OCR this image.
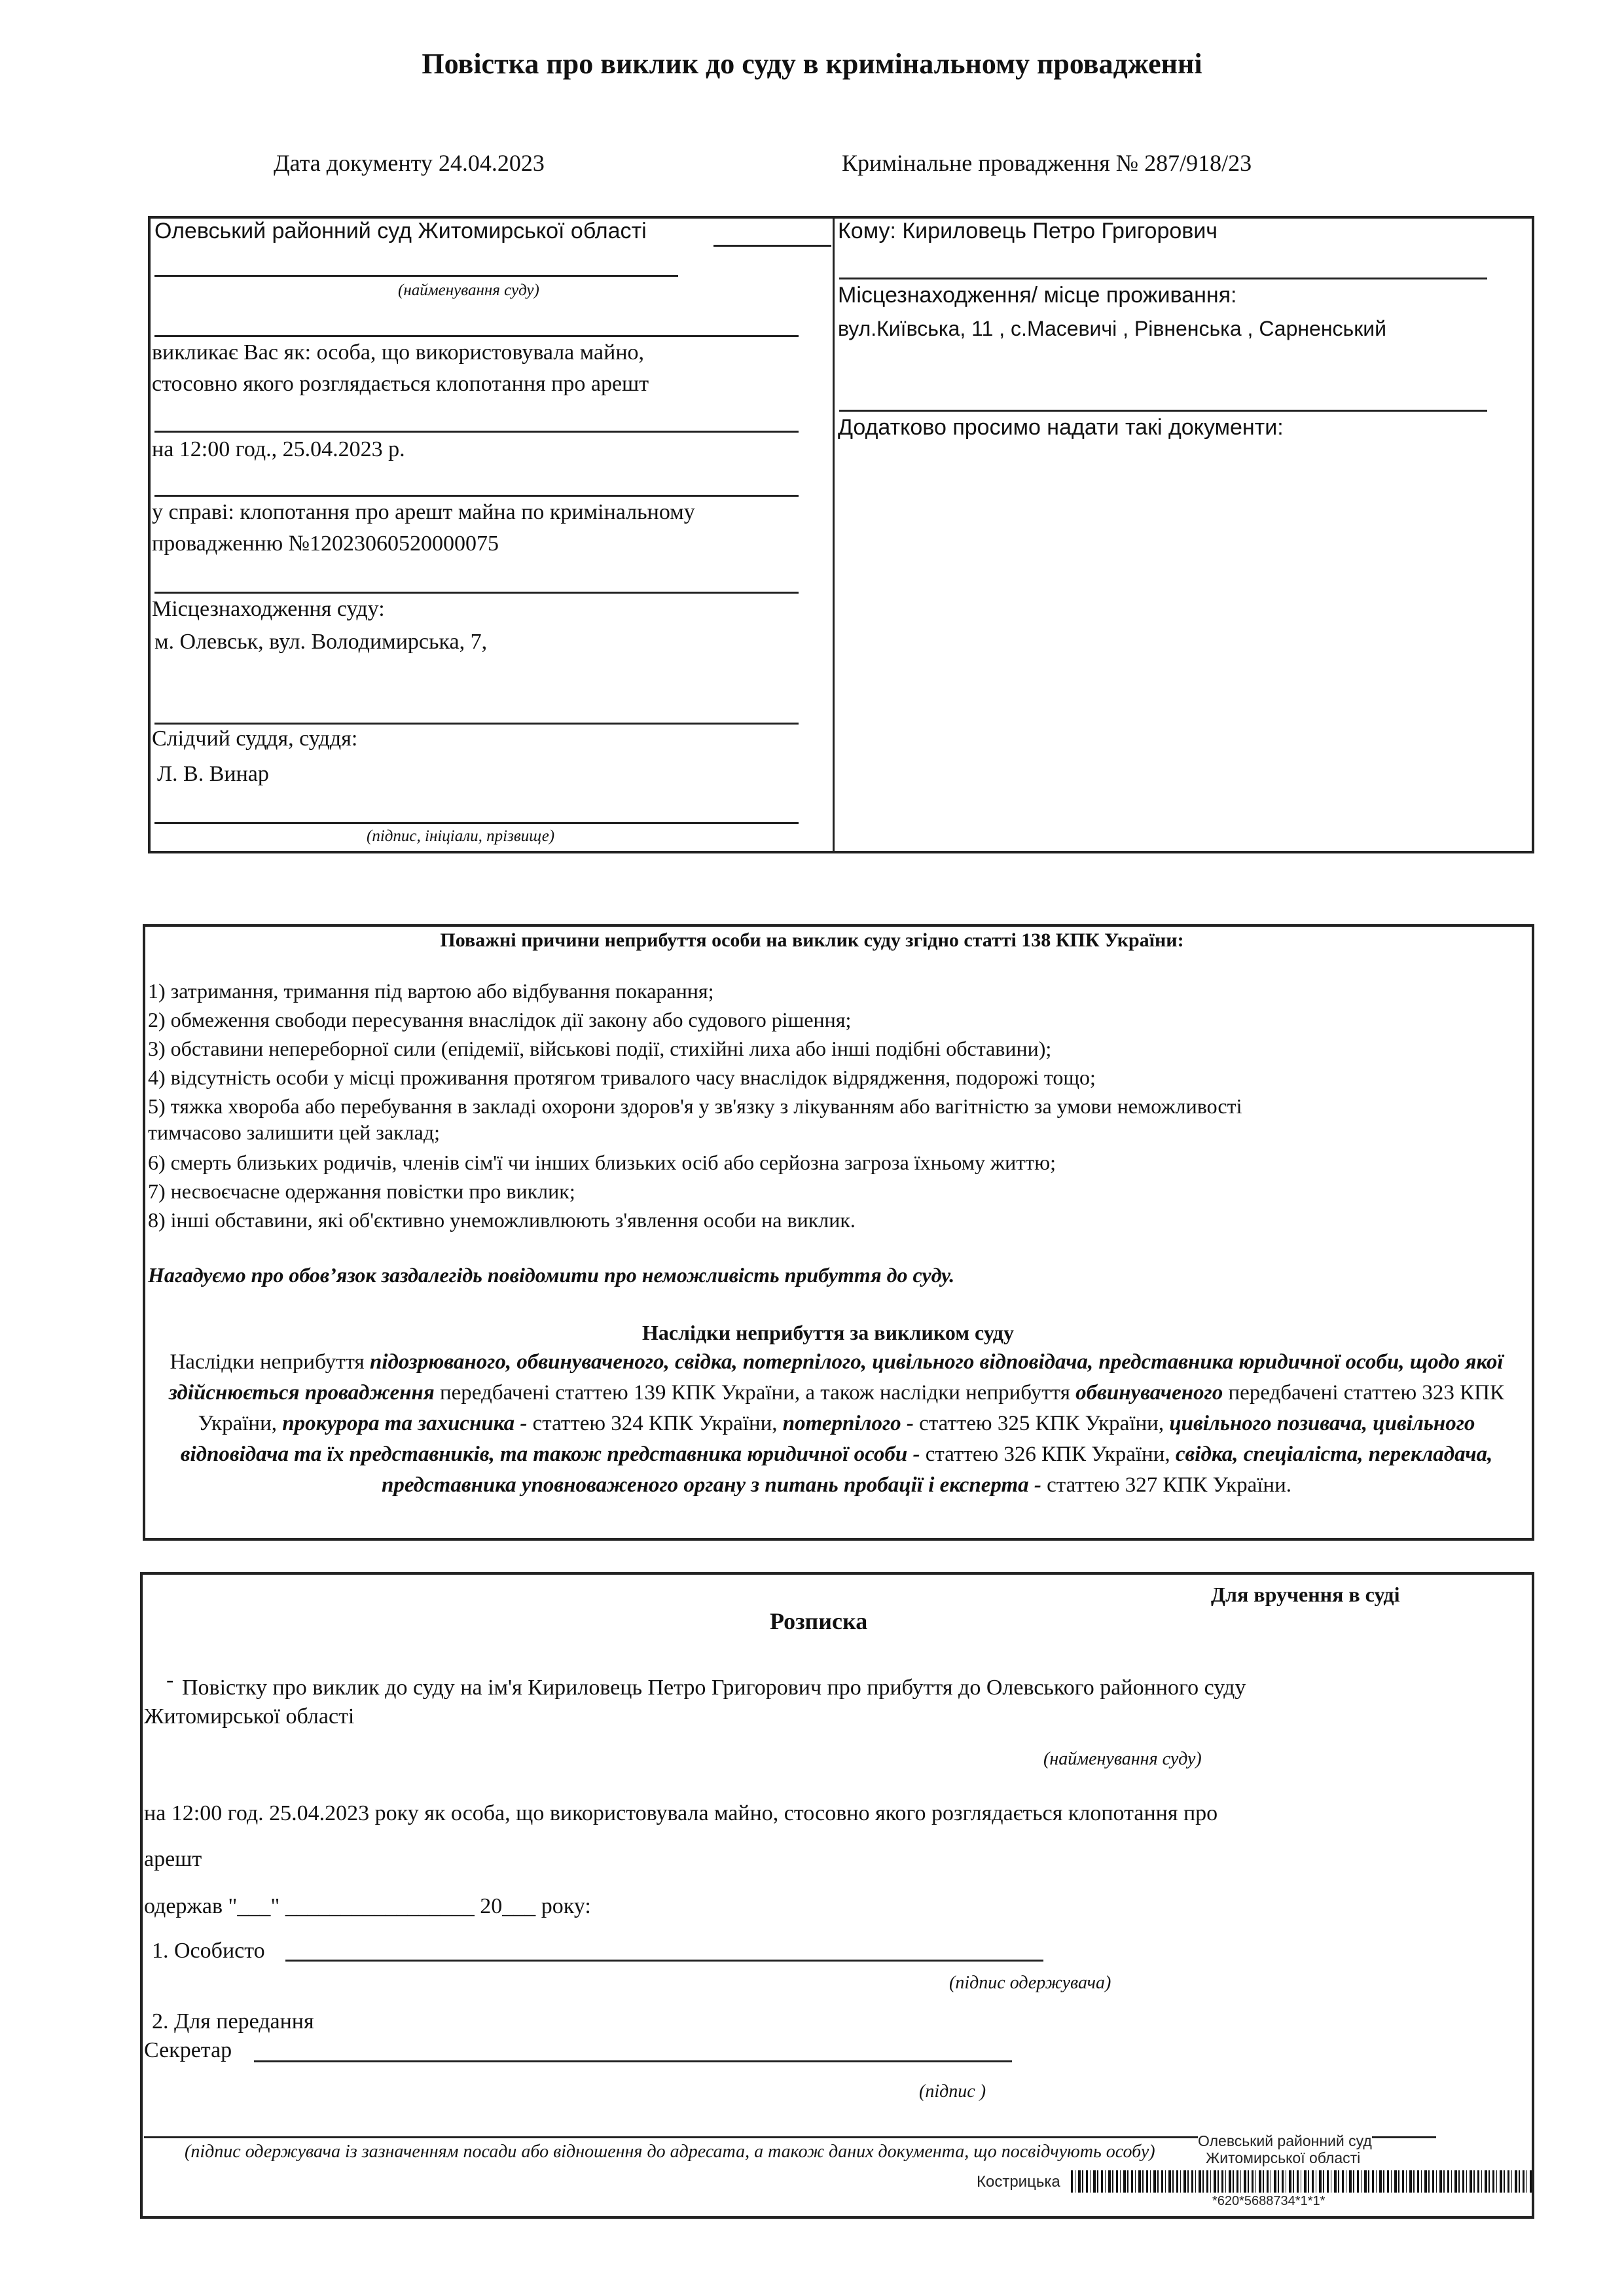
Повістка про виклик до суду в кримінальному провадженні
Дата документу 24.04.2023	Кримінальне провадження № 287/918/23
Олевський районний суд Житомирської області
(найменування суду)
викликає Вас як: особа, що використовувала майно,
стосовно якого розглядається клопотання про арешт
на 12:00 год., 25.04.2023 р.
у справі: клопотання про арешт майна по кримінальному
провадженню №12023060520000075
Місцезнаходження суду:
м. Олевськ, вул. Володимирська, 7,
Слідчий суддя, суддя:
Л. В. Винар
(підпис, ініціали, прізвище)
Кому: Кириловець Петро Григорович
Місцезнаходження/ місце проживання:
вул.Київська, 11 , с.Масевичі , Рівненська , Сарненський
Додатково просимо надати такі документи:
Поважні причини неприбуття особи на виклик суду згідно статті 138 КПК України:
1) затримання, тримання під вартою або відбування покарання;
2) обмеження свободи пересування внаслідок дії закону або судового рішення;
3) обставини непереборної сили (епідемії, військові події, стихійні лиха або інші подібні обставини);
4) відсутність особи у місці проживання протягом тривалого часу внаслідок відрядження, подорожі тощо;
5) тяжка хвороба або перебування в закладі охорони здоров'я у зв'язку з лікуванням або вагітністю за умови неможливості
тимчасово залишити цей заклад;
6) смерть близьких родичів, членів сім'ї чи інших близьких осіб або серйозна загроза їхньому життю;
7) несвоєчасне одержання повістки про виклик;
8) інші обставини, які об'єктивно унеможливлюють з'явлення особи на виклик.
Нагадуємо про обов’язок заздалегідь повідомити про неможливість прибуття до суду.
Наслідки неприбуття за викликом суду
Наслідки неприбуття підозрюваного, обвинуваченого, свідка, потерпілого, цивільного відповідача, представника юридичної особи, щодо якої здійснюється провадження передбачені статтею 139 КПК України, а також наслідки неприбуття обвинуваченого передбачені статтею 323 КПК України, прокурора та захисника - статтею 324 КПК України, потерпілого - статтею 325 КПК України, цивільного позивача, цивільного відповідача та їх представників, та також представника юридичної особи - статтею 326 КПК України, свідка, спеціаліста, перекладача, представника уповноваженого органу з питань пробації і експерта - статтею 327 КПК України.
Для вручення в суді
Розписка
- Повістку про виклик до суду на ім'я Кириловець Петро Григорович про прибуття до Олевського районного суду
Житомирської області
(найменування суду)
на 12:00 год. 25.04.2023 року як особа, що використовувала майно, стосовно якого розглядається клопотання про
арешт
одержав "___" _________________ 20___ року:
1. Особисто
(підпис одержувача)
2. Для передання
Секретар
(підпис )
(підпис одержувача із зазначенням посади або відношення до адресата, а також даних документа, що посвідчують особу)
Олевський районний суд
Житомирської області
Кострицька
*620*5688734*1*1*
